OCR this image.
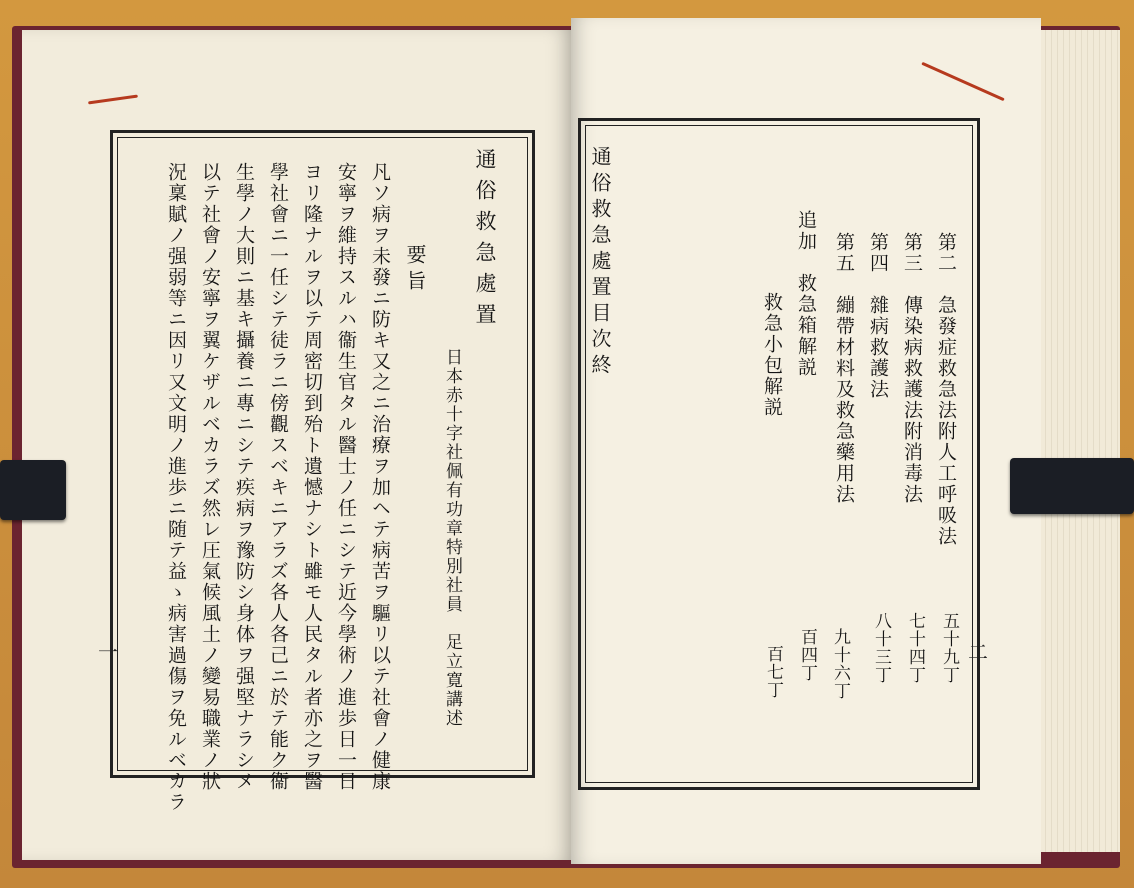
通俗救急處置
日本赤十字社佩有功章特別社員　足立寛講述
要旨
凡ソ病ヲ未發ニ防キ又之ニ治療ヲ加ヘテ病苦ヲ驅リ以テ社會ノ健康
安寧ヲ維持スルハ衞生官タル醫士ノ任ニシテ近今學術ノ進歩日一日
ヨリ隆ナルヲ以テ周密切到殆ト遺憾ナシト雖モ人民タル者亦之ヲ醫
學社會ニ一任シテ徒ラニ傍觀スベキニアラズ各人各己ニ於テ能ク衞
生學ノ大則ニ基キ攝養ニ專ニシテ疾病ヲ豫防シ身体ヲ强堅ナラシメ
以テ社會ノ安寧ヲ翼ケザルベカラズ然レ圧氣候風土ノ變易職業ノ狀
況稟賦ノ强弱等ニ因リ又文明ノ進歩ニ随テ益ゝ病害過傷ヲ免ルベカラ
一
通俗救急處置目次終	第二　急發症救急法附人工呼吸法
五十九丁
第三　傳染病救護法附消毒法
七十四丁
第四　雜病救護法
八十三丁
第五　繃帶材料及救急藥用法
九十六丁
追加　救急箱解説
百四丁
救急小包解説
百七丁	二
